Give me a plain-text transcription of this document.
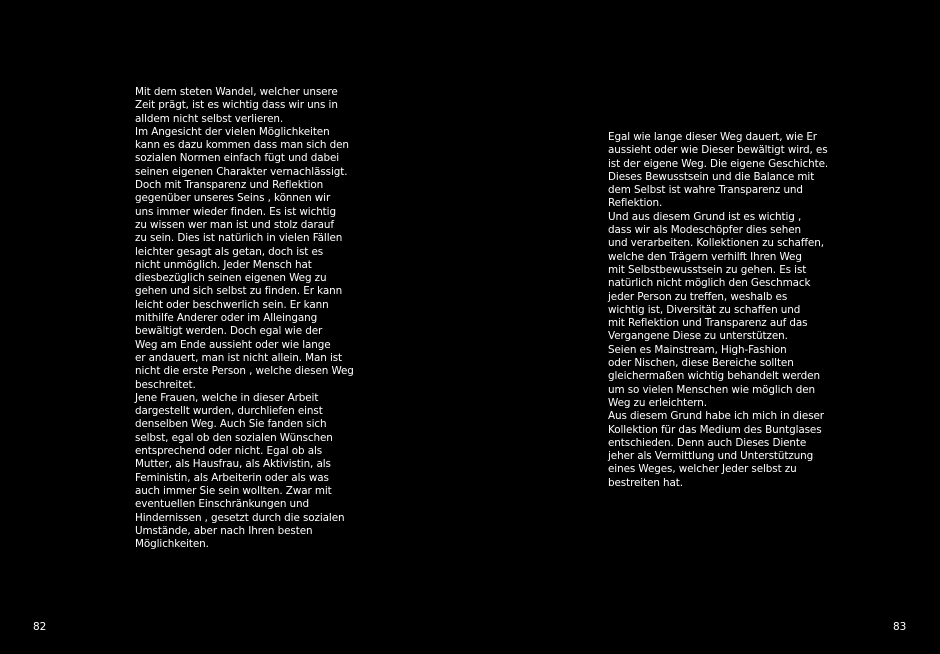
Mit dem steten Wandel, welcher unsere
Zeit prägt, ist es wichtig dass wir uns in
alldem nicht selbst verlieren.
Im Angesicht der vielen Möglichkeiten
kann es dazu kommen dass man sich den
sozialen Normen einfach fügt und dabei
seinen eigenen Charakter vernachlässigt.
Doch mit Transparenz und Reflektion
gegenüber unseres Seins , können wir
uns immer wieder finden. Es ist wichtig
zu wissen wer man ist und stolz darauf
zu sein. Dies ist natürlich in vielen Fällen
leichter gesagt als getan, doch ist es
nicht unmöglich. Jeder Mensch hat
diesbezüglich seinen eigenen Weg zu
gehen und sich selbst zu finden. Er kann
leicht oder beschwerlich sein. Er kann
mithilfe Anderer oder im Alleingang
bewältigt werden. Doch egal wie der
Weg am Ende aussieht oder wie lange
er andauert, man ist nicht allein. Man ist
nicht die erste Person , welche diesen Weg
beschreitet.
Jene Frauen, welche in dieser Arbeit
dargestellt wurden, durchliefen einst
denselben Weg. Auch Sie fanden sich
selbst, egal ob den sozialen Wünschen
entsprechend oder nicht. Egal ob als
Mutter, als Hausfrau, als Aktivistin, als
Feministin, als Arbeiterin oder als was
auch immer Sie sein wollten. Zwar mit
eventuellen Einschränkungen und
Hindernissen , gesetzt durch die sozialen
Umstände, aber nach Ihren besten
Möglichkeiten.
82
Egal wie lange dieser Weg dauert, wie Er
aussieht oder wie Dieser bewältigt wird, es
ist der eigene Weg. Die eigene Geschichte.
Dieses Bewusstsein und die Balance mit
dem Selbst ist wahre Transparenz und
Reflektion.
Und aus diesem Grund ist es wichtig ,
dass wir als Modeschöpfer dies sehen
und verarbeiten. Kollektionen zu schaffen,
welche den Trägern verhilft Ihren Weg
mit Selbstbewusstsein zu gehen. Es ist
natürlich nicht möglich den Geschmack
jeder Person zu treffen, weshalb es
wichtig ist, Diversität zu schaffen und
mit Reflektion und Transparenz auf das
Vergangene Diese zu unterstützen.
Seien es Mainstream, High-Fashion
oder Nischen, diese Bereiche sollten
gleichermaßen wichtig behandelt werden
um so vielen Menschen wie möglich den
Weg zu erleichtern.
Aus diesem Grund habe ich mich in dieser
Kollektion für das Medium des Buntglases
entschieden. Denn auch Dieses Diente
jeher als Vermittlung und Unterstützung
eines Weges, welcher Jeder selbst zu
bestreiten hat.
83
